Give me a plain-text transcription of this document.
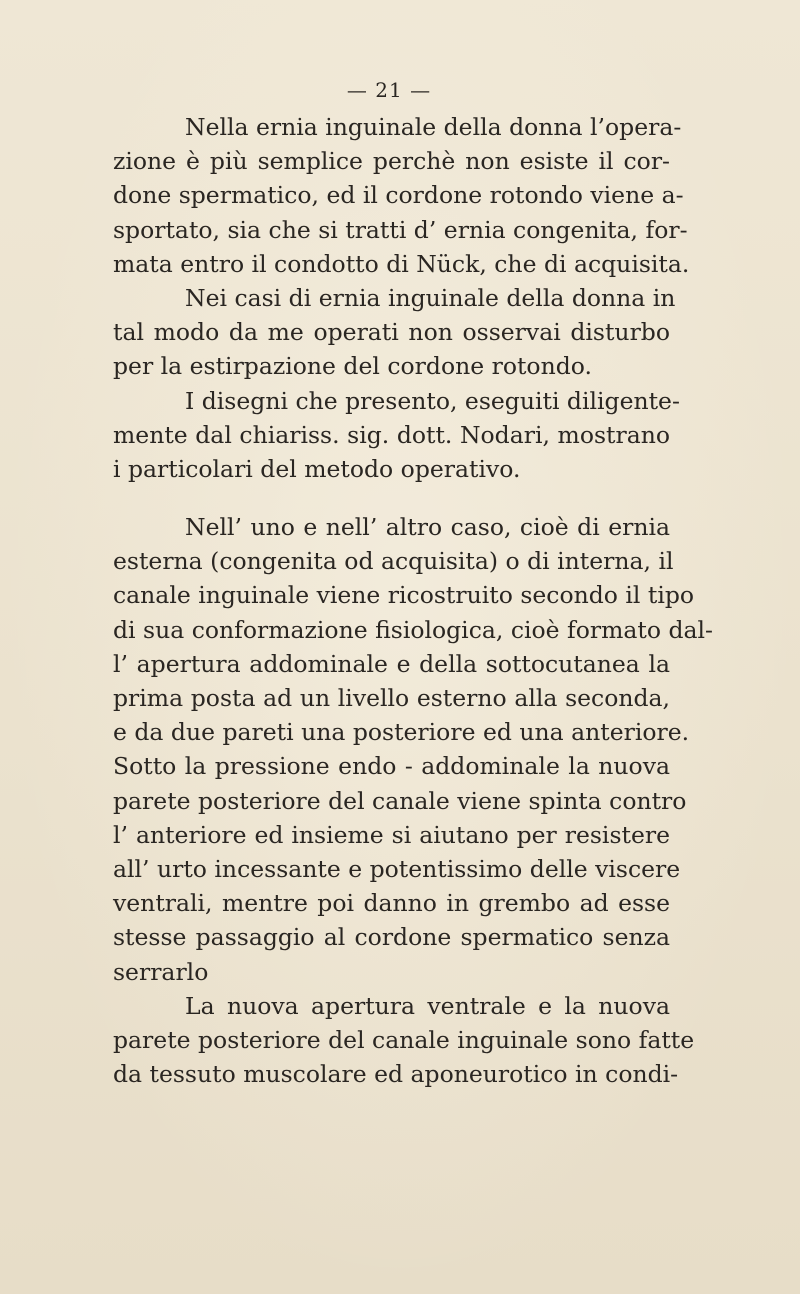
— 21 —
Nella ernia inguinale della donna l’opera-
zione è più semplice perchè non esiste il cor-
done spermatico, ed il cordone rotondo viene a-
sportato, sia che si tratti d’ ernia congenita, for-
mata entro il condotto di Nück, che di acquisita.
Nei casi di ernia inguinale della donna in
tal modo da me operati non osservai disturbo
per la estirpazione del cordone rotondo.
I disegni che presento, eseguiti diligente-
mente dal chiariss. sig. dott. Nodari, mostrano
i particolari del metodo operativo.
Nell’ uno e nell’ altro caso, cioè di ernia
esterna (congenita od acquisita) o di interna, il
canale inguinale viene ricostruito secondo il tipo
di sua conformazione fisiologica, cioè formato dal-
l’ apertura addominale e della sottocutanea la
prima posta ad un livello esterno alla seconda,
e da due pareti una posteriore ed una anteriore.
Sotto la pressione endo - addominale la nuova
parete posteriore del canale viene spinta contro
l’ anteriore ed insieme si aiutano per resistere
all’ urto incessante e potentissimo delle viscere
ventrali, mentre poi danno in grembo ad esse
stesse passaggio al cordone spermatico senza
serrarlo
La nuova apertura ventrale e la nuova
parete posteriore del canale inguinale sono fatte
da tessuto muscolare ed aponeurotico in condi-
